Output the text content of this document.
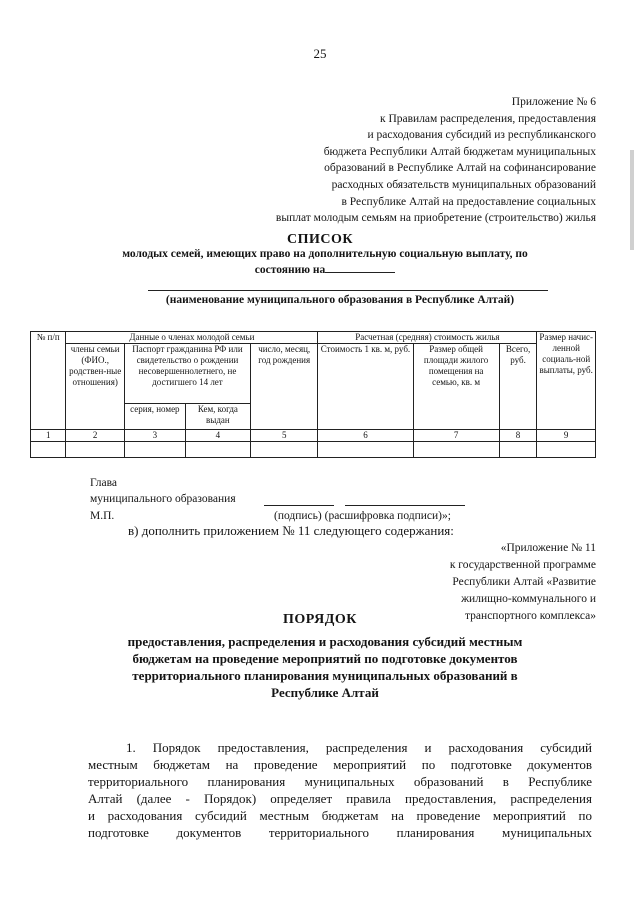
25
Приложение № 6
к Правилам распределения, предоставления
и расходования субсидий из республиканского
бюджета Республики Алтай бюджетам муниципальных
образований в Республике Алтай на софинансирование
расходных обязательств муниципальных образований
в Республике Алтай на предоставление социальных
выплат молодым семьям на приобретение (строительство) жилья
СПИСОК
молодых семей, имеющих право на дополнительную социальную выплату, по
состоянию на
(наименование муниципального образования в Республике Алтай)
№ п/п	Данные о членах молодой семьи				Расчетная (средняя) стоимость жилья			Размер начис-ленной социаль-ной выплаты, руб.
	члены семьи (ФИО., родствен-ные отношения)	Паспорт гражданина РФ или свидетельство о рождении несовершеннолетнего, не достигшего 14 лет		число, месяц, год рождения	Стоимость 1 кв. м, руб.	Размер общей площади жилого помещения на семью, кв. м	Всего, руб.	
		серия, номер	Кем, когда выдан					
1	2	3	4	5	6	7	8	9

Глава
муниципального образования
М.П.	(подпись) (расшифровка подписи)»;
в) дополнить приложением № 11 следующего содержания:
«Приложение № 11
к государственной программе
Республики Алтай «Развитие
жилищно-коммунального и
транспортного комплекса»
ПОРЯДОК
предоставления, распределения и расходования субсидий местным
бюджетам на проведение мероприятий по подготовке документов
территориального планирования муниципальных образований в
Республике Алтай
1. Порядок предоставления, распределения и расходования субсидий
местным бюджетам на проведение мероприятий по подготовке документов
территориального планирования муниципальных образований в Республике
Алтай (далее - Порядок) определяет правила предоставления, распределения
и расходования субсидий местным бюджетам на проведение мероприятий по
подготовке документов территориального планирования муниципальных
